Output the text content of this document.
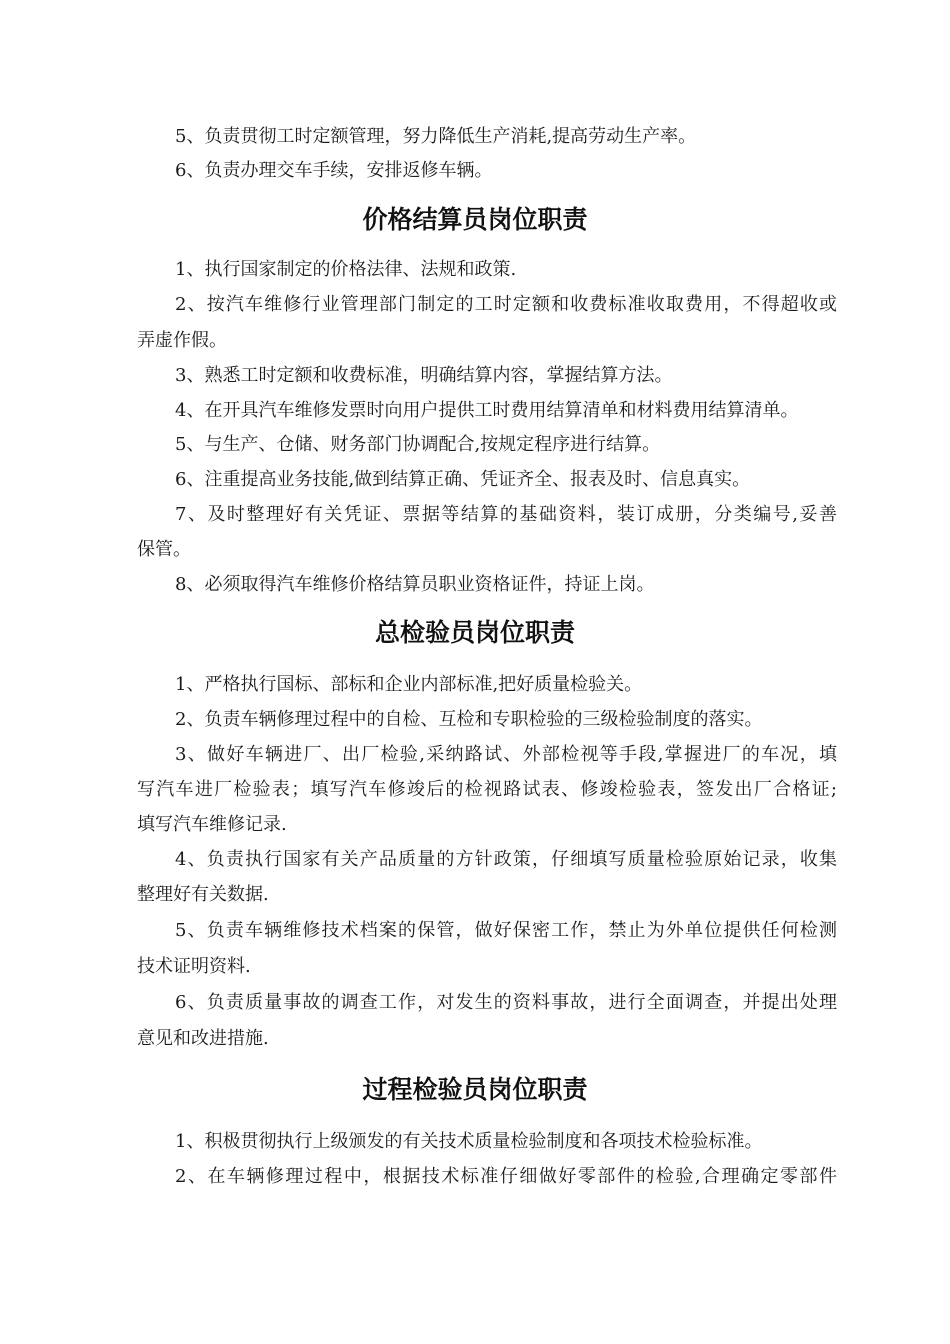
5、负责贯彻工时定额管理，努力降低生产消耗,提高劳动生产率。

6、负责办理交车手续，安排返修车辆。

价格结算员岗位职责

1、执行国家制定的价格法律、法规和政策.

2、按汽车维修行业管理部门制定的工时定额和收费标准收取费用，不得超收或

弄虚作假。

3、熟悉工时定额和收费标准，明确结算内容，掌握结算方法。

4、在开具汽车维修发票时向用户提供工时费用结算清单和材料费用结算清单。

5、与生产、仓储、财务部门协调配合,按规定程序进行结算。

6、注重提高业务技能,做到结算正确、凭证齐全、报表及时、信息真实。

7、及时整理好有关凭证、票据等结算的基础资料，装订成册，分类编号,妥善

保管。

8、必须取得汽车维修价格结算员职业资格证件，持证上岗。

总检验员岗位职责

1、严格执行国标、部标和企业内部标准,把好质量检验关。

2、负责车辆修理过程中的自检、互检和专职检验的三级检验制度的落实。

3、做好车辆进厂、出厂检验,采纳路试、外部检视等手段,掌握进厂的车况，填

写汽车进厂检验表；填写汽车修竣后的检视路试表、修竣检验表，签发出厂合格证;

填写汽车维修记录.

4、负责执行国家有关产品质量的方针政策，仔细填写质量检验原始记录，收集

整理好有关数据.

5、负责车辆维修技术档案的保管，做好保密工作，禁止为外单位提供任何检测

技术证明资料.

6、负责质量事故的调查工作，对发生的资料事故，进行全面调查，并提出处理

意见和改进措施.

过程检验员岗位职责

1、积极贯彻执行上级颁发的有关技术质量检验制度和各项技术检验标准。

2、在车辆修理过程中，根据技术标准仔细做好零部件的检验,合理确定零部件
